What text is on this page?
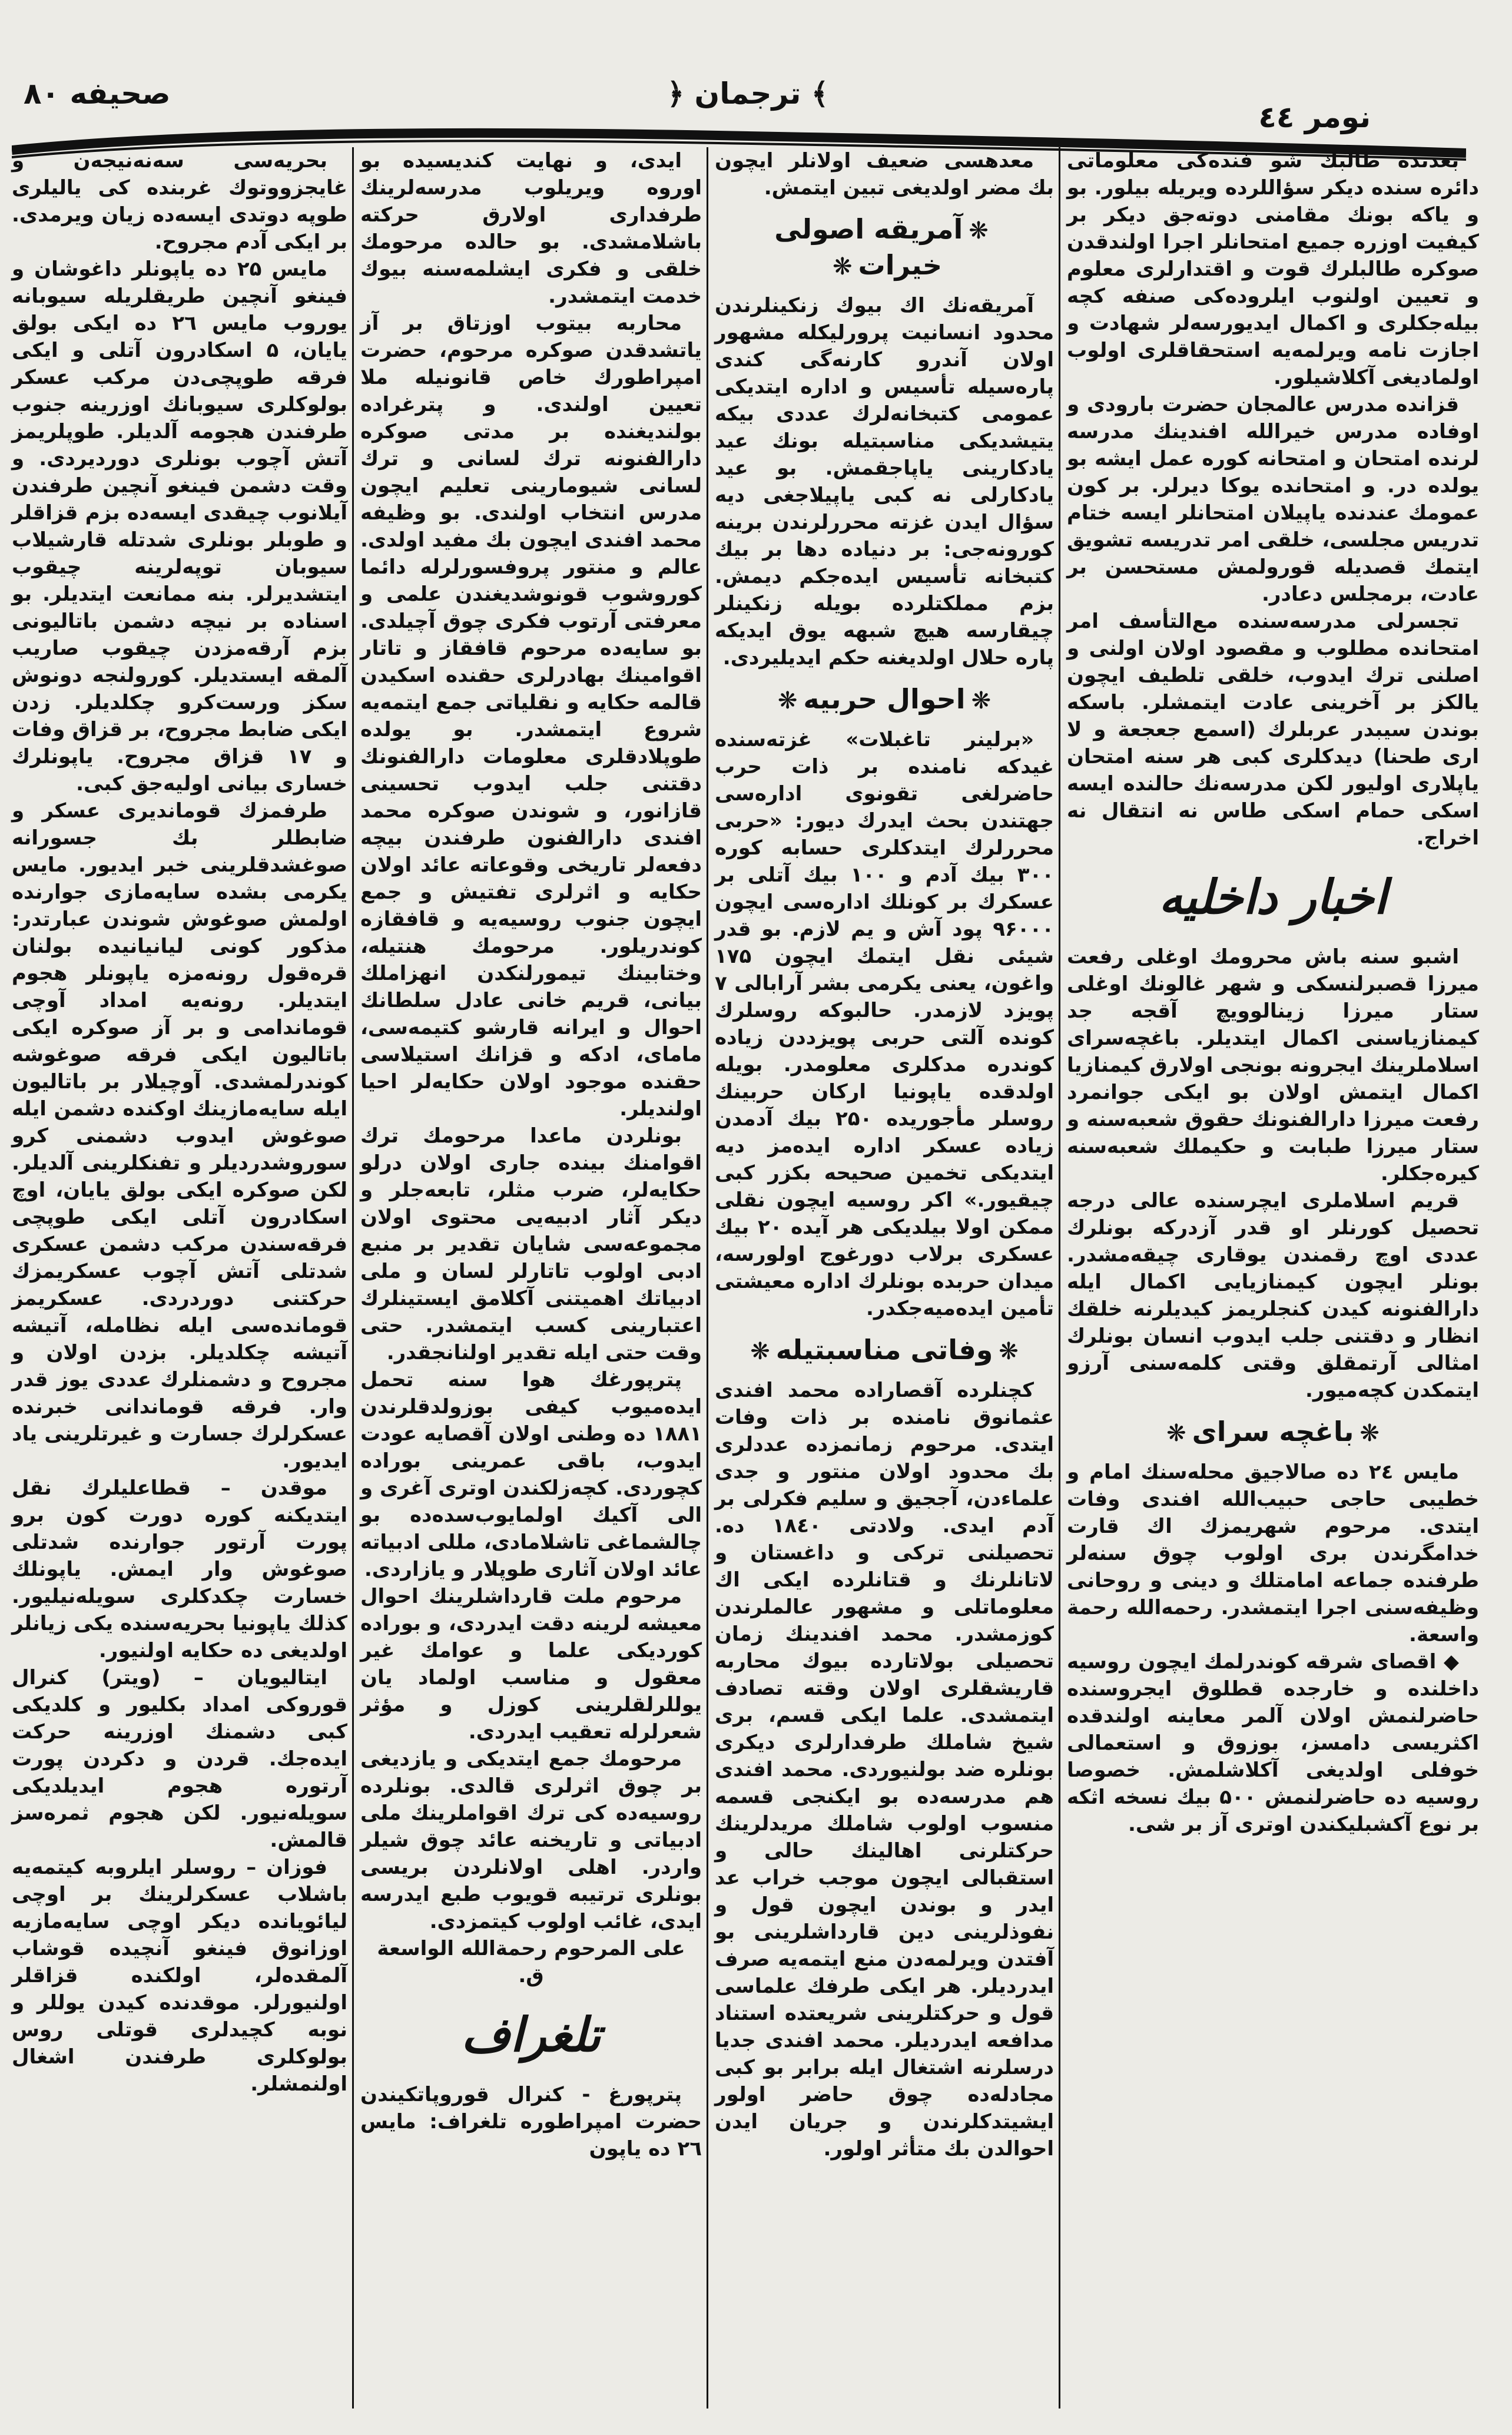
نومر ٤٤
﴾ ترجمان ﴿
صحیفه ۸۰

بحریه‌سی سه‌نه‌نیجه‌ن و غایجزووتوك غربنده كی یالیلری طوپه دوتدی ایسه‌ده زیان ویرمدی. بر ایكی آدم مجروح.

مایس ۲۵ ده یاپونلر داغوشان و فینغو آنچین طریقلریله سیوبانه یوروب مایس ۲٦ ده ایكی بولق یایان، ۵ اسكادرون آتلی و ایكی فرقه طوپچی‌دن مركب عسكر بولوكلری سیوبانك اوزرینه جنوب طرفندن هجومه آلدیلر. طوپلریمز آتش آچوب بونلری دوردیردی. و وقت دشمن فینغو آنچین طرفندن آیلانوب چیقدی ایسه‌ده بزم قزاقلر و طوبلر بونلری شدتله قارشیلاب سیوبان توپه‌لرینه چیقوب ایتشدیرلر. بنه ممانعت ایتدیلر. بو اسناده بر نیچه دشمن باتالیونی بزم آرقه‌مزدن چیقوب صاریب آلمقه ایستدیلر. كورولنجه دونوش سكز ورست‌كرو چكلدیلر. زدن ایكی ضابط مجروح، بر قزاق وفات و ۱۷ قزاق مجروح. یاپونلرك خساری بیانی اولیه‌جق كبی.

طرفمزك قوماندیری عسكر و ضابطلر بك جسورانه صوغشدقلرینی خبر ایدیور. مایس یكرمی بشده سایه‌مازی جوارنده اولمش صوغوش شوندن عبارتدر: مذكور كونی لیانیانیده بولنان قره‌قول رونه‌مزه یاپونلر هجوم ایتدیلر. رونه‌یه امداد آوچی قوماندامی و بر آز صوكره ایكی باتالیون ایكی فرقه صوغوشه كوندرلمشدی. آوچیلار بر باتالیون ایله سایه‌مازینك اوكنده دشمن ایله صوغوش ایدوب دشمنی كرو سوروشدردیلر و تفنكلرینی آلدیلر. لكن صوكره ایكی بولق یایان، اوچ اسكادرون آتلی ایكی طوپچی فرقه‌سندن مركب دشمن عسكری شدتلی آتش آچوب عسكریمزك حركتنی دوردردی. عسكریمز قومانده‌سی ایله نظامله، آتیشه آتیشه چكلدیلر. بزدن اولان و مجروح و دشمنلرك عددی یوز قدر وار. فرقه قوماندانی خبرنده عسكرلرك جسارت و غیرتلرینی یاد ایدیور.

موقدن – قطاعلیلرك نقل ایتدیكنه كوره دورت كون برو پورت آرتور جوارنده شدتلی صوغوش وار ایمش. یاپونلك خسارت چكدكلری سویله‌نیلیور. كذلك یاپونیا بحریه‌سنده یكی زیانلر اولدیغی ده حكایه اولنیور.

ایتالیویان – (ویتر) كنرال قوروكی امداد بكلیور و كلدیكی كبی دشمنك اوزرینه حركت ایده‌جك. قردن و دكردن پورت آرتوره هجوم ایدیلدیكی سویله‌نیور. لكن هجوم ثمره‌سز قالمش.

فوزان – روسلر ایلروبه كیتمه‌یه باشلاب عسكرلرینك بر اوچی لیائویانده دیكر اوچی سایه‌مازیه اوزانوق فینغو آنچیده قوشاب آلمقده‌لر، اولكنده قزاقلر اولنیورلر. موقدنده كیدن یوللر و نوبه كچیدلری قوتلی روس بولوكلری طرفندن اشغال اولنمشلر.

ایدی، و نهایت كندیسیده بو اوروه ویریلوب مدرسه‌لرینك طرفداری اولارق حركته باشلامشدی. بو حالده مرحومك خلقی و فكری ایشلمه‌سنه بیوك خدمت ایتمشدر.

محاربه بیتوب اوزتاق بر آز یاتشدقدن صوكره مرحوم، حضرت امپراطورك خاص قانونیله ملا تعیین اولندی. و پترغراده بولندیغنده بر مدتی صوكره دارالفنونه ترك لسانی و ترك لسانی شیومارینی تعلیم ایچون مدرس انتخاب اولندی. بو وظیفه محمد افندی ایچون بك مفید اولدی. عالم و منتور پروفسورلرله دائما كوروشوب قونوشدیغندن علمی و معرفتی آرتوب فكری چوق آچیلدی. بو سایه‌ده مرحوم قافقاز و تاتار اقوامینك بهادرلری حقنده اسكیدن قالمه حكایه و نقلیاتی جمع ایتمه‌یه شروع ایتمشدر. بو یولده طوپلادقلری معلومات دارالفنونك دقتنی جلب ایدوب تحسینی قازانور، و شوندن صوكره محمد افندی دارالفنون طرفندن بیچه دفعه‌لر تاریخی وقوعاته عائد اولان حكایه و اثرلری تفتیش و جمع ایچون جنوب روسیه‌یه و قافقازه كوندریلور. مرحومك هنتیله، وختابینك تیمورلنكدن انهزاملك بیانی، قریم خانی عادل سلطانك احوال و ایرانه قارشو كتیمه‌سی، ماماى، ادكه و قزانك استیلاسی حقنده موجود اولان حكایه‌لر احیا اولندیلر.

بونلردن ماعدا مرحومك ترك اقوامنك بینده جاری اولان درلو حكایه‌لر، ضرب مثلر، تابعه‌جلر و دیكر آثار ادبیه‌یی محتوی اولان مجموعه‌سی شایان تقدیر بر منبع ادبی اولوب تاتارلر لسان و ملی ادبیاتك اهمیتنی آكلامق ایستینلرك اعتبارینی كسب ایتمشدر. حتی وقت حتی ایله تقدیر اولنانجقدر.

پترپورغك هوا سنه تحمل ایده‌میوب كیفی بوزولدقلرندن ۱۸۸۱ ده وطنی اولان آقصایه عودت ایدوب، باقی عمرینی بوراده كچوردی. كچه‌زلكندن اوتری آغری و الی آكیك اولمایوب‌سده‌ده بو چالشماغی تاشلامادی، مللی ادبیاته عائد اولان آثاری طوپلار و یازاردی.

مرحوم ملت قارداشلرینك احوال معیشه لرینه دقت ایدردی، و بوراده كوردیكی علما و عوامك غیر معقول و مناسب اولماد یان یوللرلقلرینی كوزل و مؤثر شعرلرله تعقیب ایدردی.

مرحومك جمع ایتدیكی و یازدیغی بر چوق اثرلری قالدی. بونلرده روسیه‌ده كی ترك اقواملرینك ملی ادبیاتی و تاریخنه عائد چوق شیلر واردر. اهلی اولانلردن بریسی بونلری ترتیبه قویوب طبع ایدرسه ایدی، غائب اولوب كیتمزدی.

علی المرحوم رحمة‌الله الواسعة

ق.

تلغراف

پترپورغ - كنرال قوروپاتكیندن حضرت امپراطوره تلغراف: مایس ۲٦ ده یاپون

معدهسی ضعیف اولانلر ایچون بك مضر اولدیغی تبین ایتمش.

❋آمریقه اصولی خیرات❋

آمریقه‌نك اك بیوك زنكینلرندن محدود انسانیت پرورلیكله مشهور اولان آندرو كارنه‌گی كندی پاره‌سیله تأسیس و اداره ایتدیكی عمومی كتبخانه‌لرك عددی بیكه یتیشدیكی مناسبتیله بونك عید یادكارینی یاپاجقمش. بو عید یادكارلی نه كبی یاپیلاجغی دیه سؤال ایدن غزته محررلرندن برینه كورونه‌جی: بر دنیاده دها بر بیك كتبخانه تأسیس ایده‌جكم دیمش. بزم مملكتلرده بویله زنكینلر چیقارسه هیچ شبهه یوق ایدیكه پاره حلال اولدیغنه حكم ایدیلیردی.

❋احوال حربیه❋

«برلینر تاغبلات» غزته‌سنده غیدكه نامنده بر ذات حرب حاضرلغی تقونوی اداره‌سی جهتندن بحث ایدرك دیور: «حربی محررلرك ایتدكلری حسابه كوره ۳۰۰ بیك آدم و ۱۰۰ بیك آتلی بر عسكرك بر كونلك اداره‌سی ایچون ۹۶۰۰۰ پود آش و یم لازم. بو قدر شیئی نقل ایتمك ایچون ۱۷۵ واغون، یعنی یكرمی بشر آرابالی ۷ پویزد لازمدر. حالبوكه روسلرك كونده آلتی حربی پویزددن زیاده كوندره مدكلری معلومدر. بویله اولدقده یاپونیا اركان حربینك روسلر مأجوریده ۲۵۰ بیك آدمدن زیاده عسكر اداره ایده‌مز دیه ایتدیكی تخمین صحیحه بكزر كبی چیقیور.» اكر روسیه ایچون نقلی ممكن اولا بیلدیكی هر آیده ۲۰ بیك عسكری برلاب دورغوج اولورسه، میدان حربده بونلرك اداره معیشتی تأمین ایده‌میه‌جكدر.

❋وفاتی مناسبتیله❋

كچنلرده آقصاراده محمد افندی عثمانوق نامنده بر ذات وفات ایتدی. مرحوم زمانمزده عددلری بك محدود اولان منتور و جدی علماء‌دن، آججیق و سلیم فكرلی بر آدم ایدی. ولادتی ۱۸٤۰ ده. تحصیلنی تركی و داغستان و لاتانلرنك و قتانلرده ایكی اك معلوماتلی و مشهور عالملرندن كوزمشدر. محمد افندینك زمان تحصیلی بولاتارده بیوك محاربه قاریشقلری اولان وقته تصادف ایتمشدی. علما ایكی قسم، بری شیخ شاملك طرفدارلری دیكری بونلره ضد بولنیوردی. محمد افندی هم مدرسه‌ده بو ایكنجی قسمه منسوب اولوب شاملك مریدلرینك حركتلرنی اهالینك حالی و استقبالی ایچون موجب خراب عد ایدر و بوندن ایچون قول و نفوذلرینی دین قارداشلرینی بو آفتدن ویرلمه‌دن منع ایتمه‌یه صرف ایدردیلر. هر ایكی طرفك علماسی قول و حركتلرینی شریعتده استناد مدافعه ایدردیلر. محمد افندی جدیا درسلرنه اشتغال ایله برابر بو كبی مجادله‌ده چوق حاضر اولور ایشیتدكلرندن و جریان ایدن احوالدن بك متأثر اولور.

بعدنده طالبك شو فنده‌كی معلوماتی دائره سنده دیكر سؤاللرده ویریله بیلور. بو و یاكه بونك مقامنی دوته‌جق دیكر بر كیفیت اوزره جمیع امتحانلر اجرا اولندقدن صوكره طالبلرك قوت و اقتدارلری معلوم و تعیین اولنوب ایلروده‌كی صنفه كچه بیله‌جكلری و اكمال ایدیورسه‌لر شهادت و اجازت نامه ویرلمه‌یه استحقاقلری اولوب اولمادیغی آكلاشیلور.

قزانده مدرس عالمجان حضرت بارودی و اوفاده مدرس خیرالله افندینك مدرسه لرنده امتحان و امتحانه كوره عمل ایشه بو یولده در. و امتحانده یوكا دیرلر. بر كون عمومك عندنده یاپیلان امتحانلر ایسه ختام تدریس مجلسی، خلقی امر تدریسه تشویق ایتمك قصدیله قورولمش مستحسن بر عادت، برمجلس دعادر.

تجسرلی مدرسه‌سنده مع‌التأسف امر امتحانده مطلوب و مقصود اولان اولنی و اصلنی ترك ایدوب، خلقی تلطیف ایچون یالكز بر آخرینی عادت ایتمشلر. باسكه بوندن سیبدر عربلرك (اسمع جعجعة و لا اری طحنا) دیدكلری كبی هر سنه امتحان یاپلاری اولیور لكن مدرسه‌نك حالنده ایسه اسكی حمام اسكی طاس نه انتقال نه اخراج.

اخبار داخلیه

اشبو سنه باش محرومك اوغلی رفعت میرزا قصبرلنسكی و شهر غالونك اوغلی ستار میرزا زینالوویچ آقجه‌ جد كیمنازیاسنی اكمال ایتدیلر. باغچه‌سرای اسلاملرینك ایجرونه بونجی اولارق كیمنازیا اكمال ایتمش اولان بو ایكی جوانمرد رفعت میرزا دارالفنونك حقوق شعبه‌سنه و ستار میرزا طبابت و حكیملك شعبه‌سنه كیره‌جكلر.

قریم اسلاملری ایچرسنده عالی درجه تحصیل كورنلر او قدر آزدركه بونلرك عددی اوچ رقمندن یوقاری چیقه‌مشدر. بونلر ایچون كیمنازیایی اكمال ایله دارالفنونه كیدن كنجلریمز كیدیلرنه خلقك انظار و دقتنی جلب ایدوب انسان بونلرك امثالی آرتمقلق وقتی كلمه‌سنی آرزو ایتمكدن كچه‌میور.

❋باغچه سرای❋

مایس ۲٤ ده صالاجیق محله‌سنك امام و خطیبی حاجی حبیب‌الله افندی وفات ایتدی. مرحوم شهریمزك اك قارت خدامگرندن بری اولوب چوق سنه‌لر طرفنده جماعه امامتلك و دینی و روحانی وظیفه‌سنی اجرا ایتمشدر. رحمه‌الله رحمة واسعة.

◆ اقصای شرقه كوندرلمك ایچون روسیه داخلنده و خارجده قطلوق ایجروسنده حاضرلنمش اولان آلمر معاینه اولندقده اكثریسی دامسز، بوزوق و استعمالی خوفلی اولدیغی آكلاشلمش. خصوصا روسیه ده حاضرلنمش ۵۰۰ بیك نسخه اثكه بر نوع آكشبلیكندن اوتری آز بر شی.
